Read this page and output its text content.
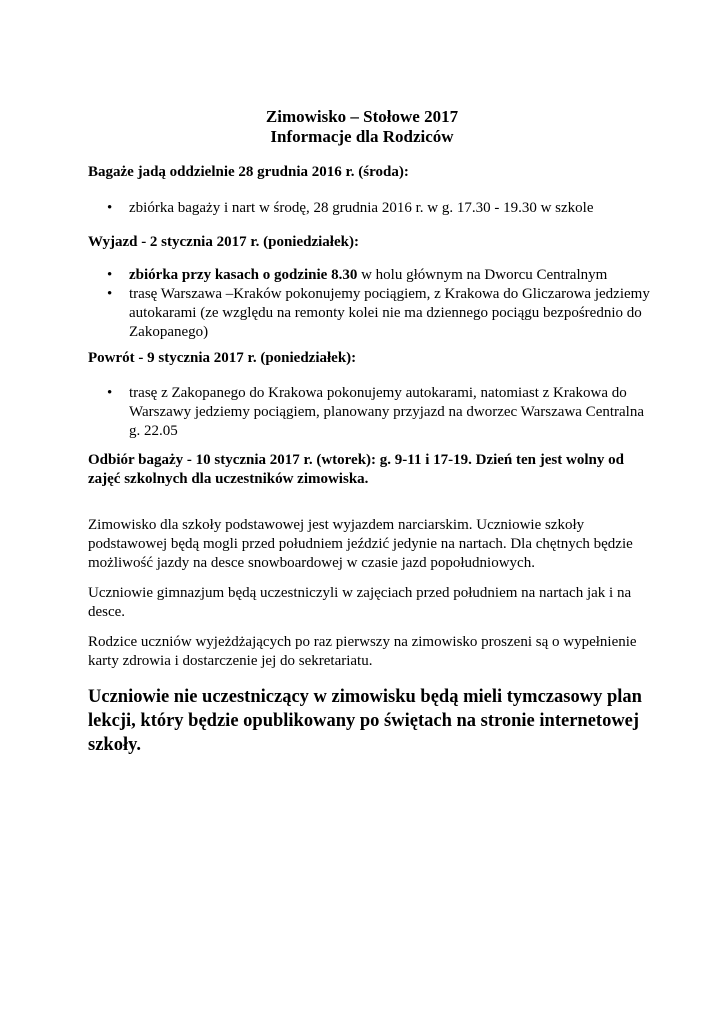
Zimowisko – Stołowe 2017
Informacje dla Rodziców
Bagaże jadą oddzielnie 28 grudnia 2016 r. (środa):
• zbiórka bagaży i nart w środę, 28 grudnia 2016 r. w g. 17.30 - 19.30 w szkole
Wyjazd - 2 stycznia 2017 r. (poniedziałek):
• zbiórka przy kasach o godzinie 8.30 w holu głównym na Dworcu Centralnym
• trasę Warszawa –Kraków pokonujemy pociągiem, z Krakowa do Gliczarowa jedziemy autokarami (ze względu na remonty kolei nie ma dziennego pociągu bezpośrednio do Zakopanego)
Powrót - 9 stycznia 2017 r. (poniedziałek):
• trasę z Zakopanego do Krakowa pokonujemy autokarami, natomiast z Krakowa do Warszawy jedziemy pociągiem, planowany przyjazd na dworzec Warszawa Centralna g. 22.05
Odbiór bagaży - 10 stycznia 2017 r. (wtorek): g. 9-11 i 17-19. Dzień ten jest wolny od zajęć szkolnych dla uczestników zimowiska.

Zimowisko dla szkoły podstawowej jest wyjazdem narciarskim. Uczniowie szkoły podstawowej będą mogli przed południem jeździć jedynie na nartach. Dla chętnych będzie możliwość jazdy na desce snowboardowej w czasie jazd popołudniowych.

Uczniowie gimnazjum będą uczestniczyli w zajęciach przed południem na nartach jak i na desce.

Rodzice uczniów wyjeżdżających po raz pierwszy na zimowisko proszeni są o wypełnienie karty zdrowia i dostarczenie jej do sekretariatu.

Uczniowie nie uczestniczący w zimowisku będą mieli tymczasowy plan lekcji, który będzie opublikowany po świętach na stronie internetowej szkoły.
